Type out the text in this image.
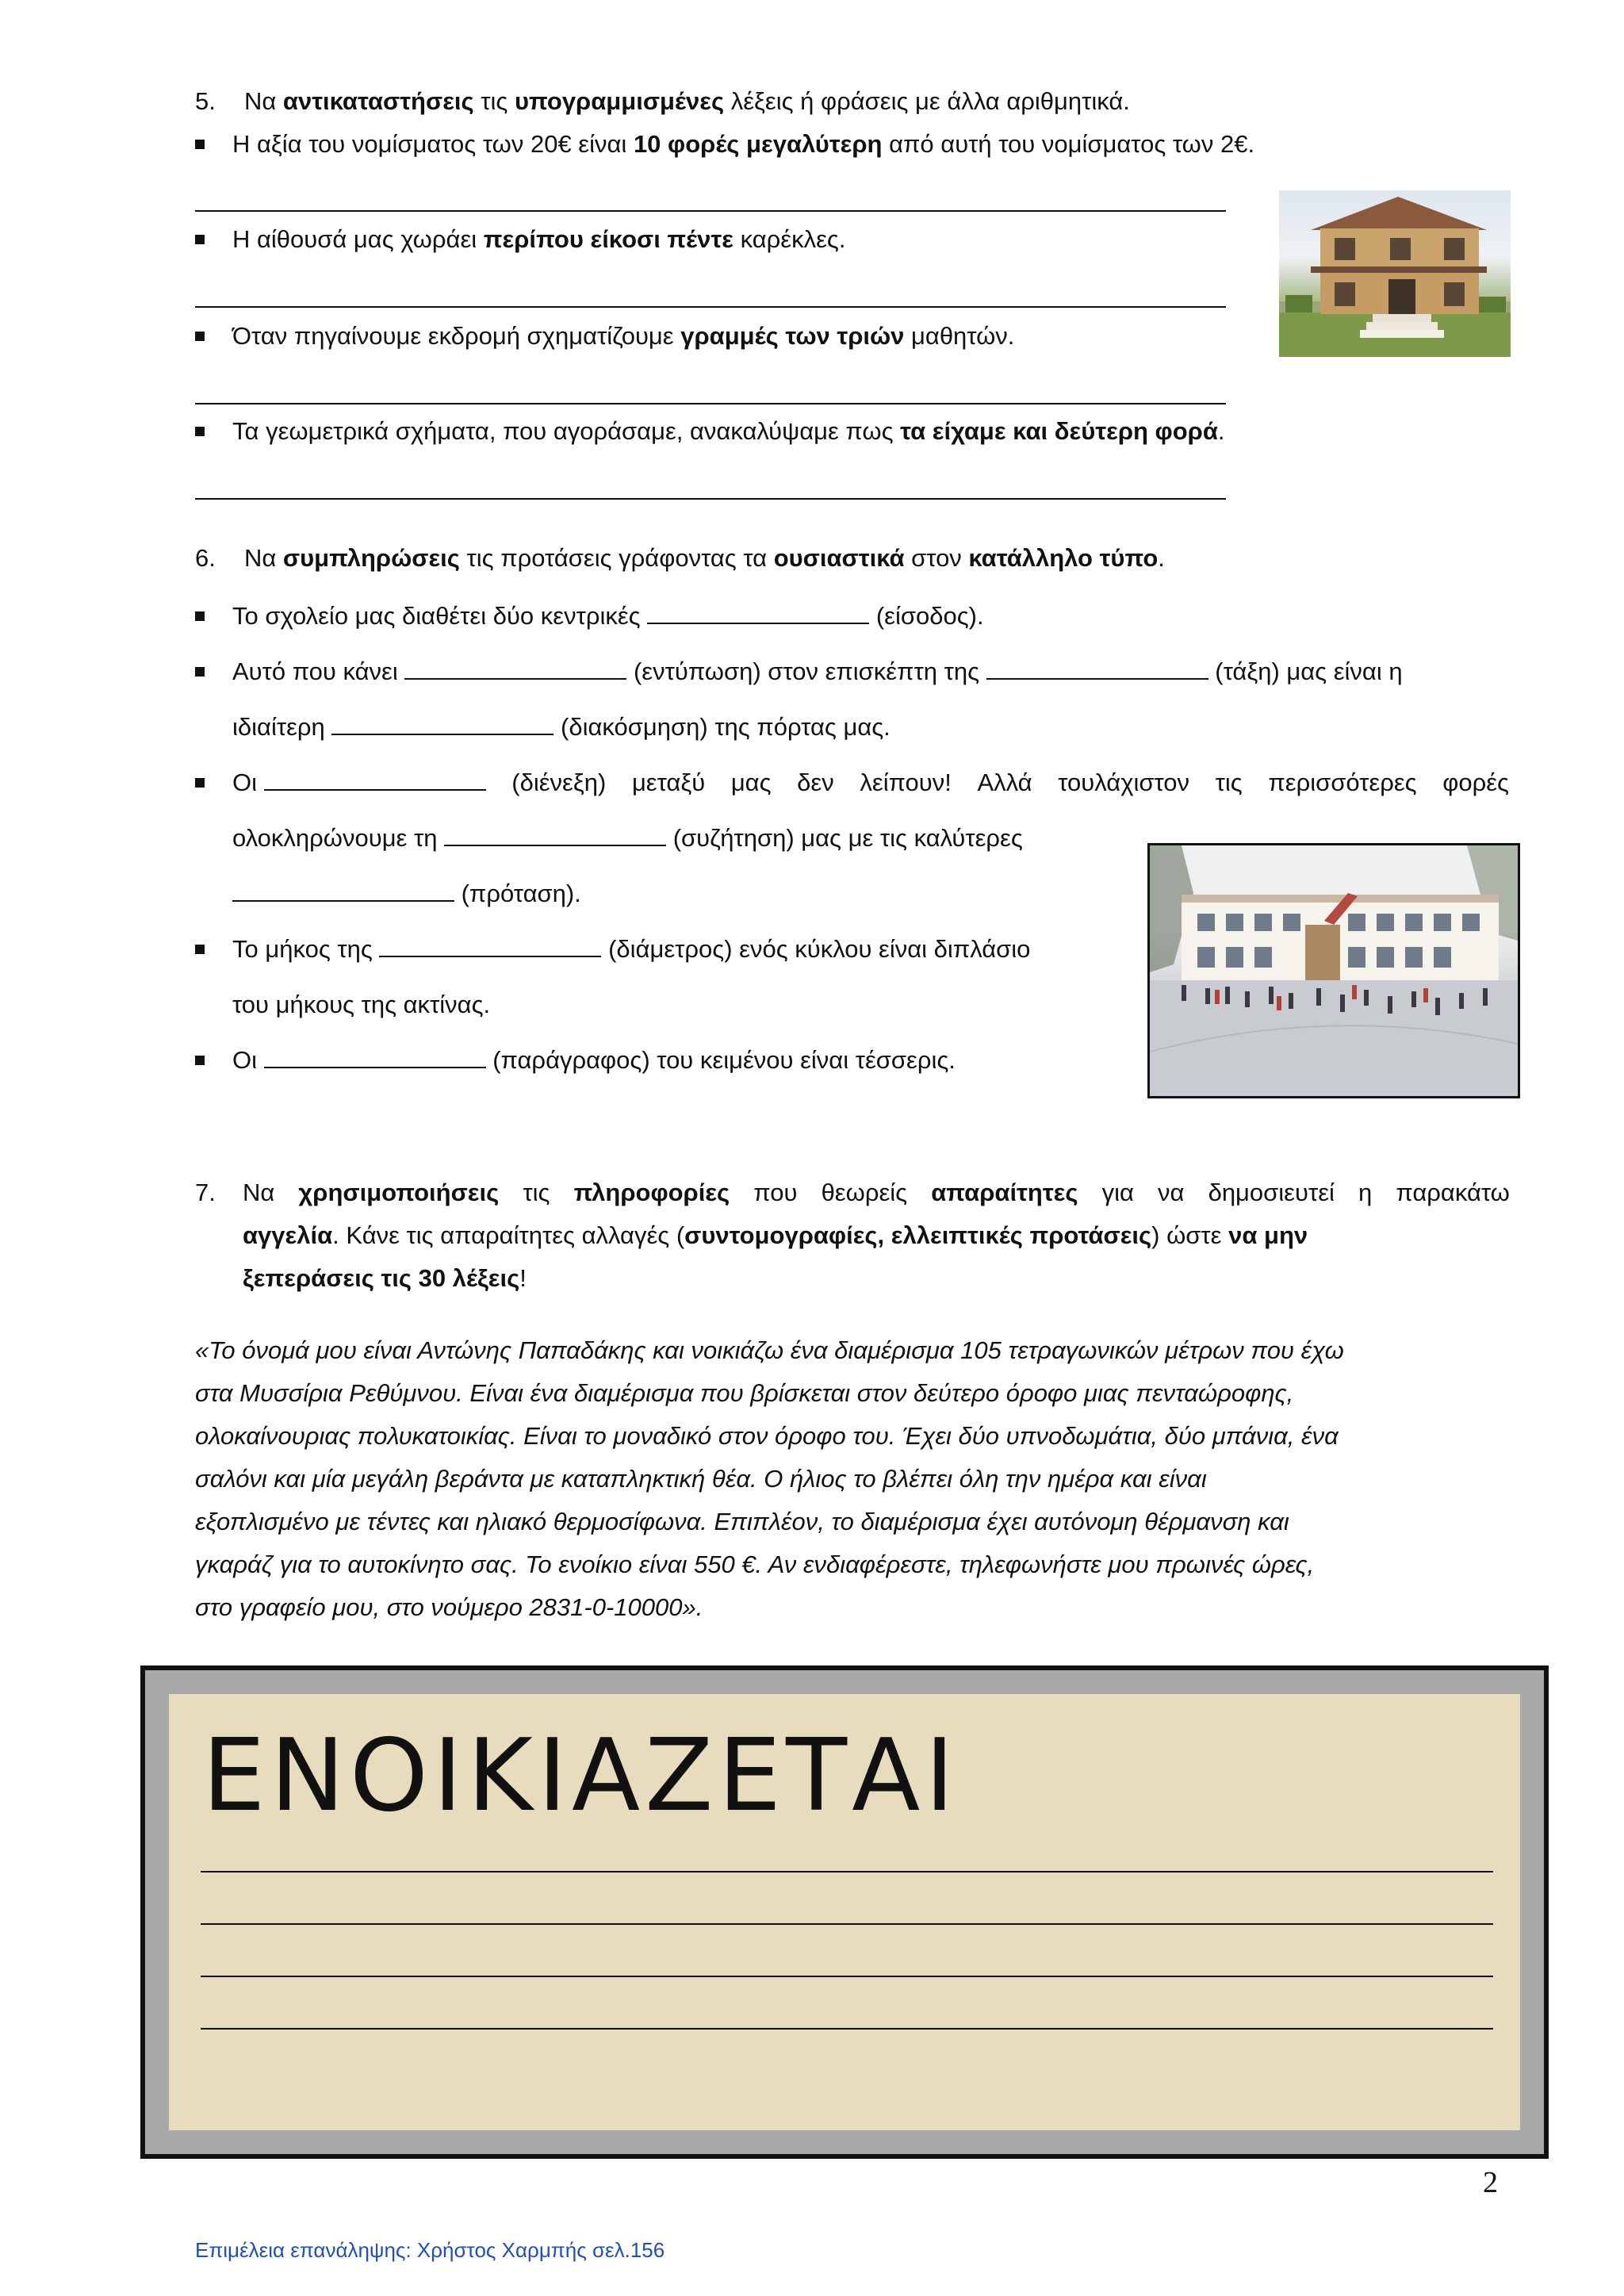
5. Να αντικαταστήσεις τις υπογραμμισμένες λέξεις ή φράσεις με άλλα αριθμητικά.
Η αξία του νομίσματος των 20€ είναι 10 φορές μεγαλύτερη από αυτή του νομίσματος των 2€.
Η αίθουσά μας χωράει περίπου είκοσι πέντε καρέκλες.
Όταν πηγαίνουμε εκδρομή σχηματίζουμε γραμμές των τριών μαθητών.
Τα γεωμετρικά σχήματα, που αγοράσαμε, ανακαλύψαμε πως τα είχαμε και δεύτερη φορά.
6. Να συμπληρώσεις τις προτάσεις γράφοντας τα ουσιαστικά στον κατάλληλο τύπο.
Το σχολείο μας διαθέτει δύο κεντρικές	(είσοδος).
Αυτό που κάνει	(εντύπωση) στον επισκέπτη της	(τάξη) μας είναι η
ιδιαίτερη	(διακόσμηση) της πόρτας μας.
Οι	(διένεξη) μεταξύ μας δεν λείπουν! Αλλά τουλάχιστον τις περισσότερες φορές
ολοκληρώνουμε τη	(συζήτηση) μας με τις καλύτερες
(πρόταση).
Το μήκος της	(διάμετρος) ενός κύκλου είναι διπλάσιο
του μήκους της ακτίνας.
Οι	(παράγραφος) του κειμένου είναι τέσσερις.
7.	Να χρησιμοποιήσεις τις πληροφορίες που θεωρείς απαραίτητες για να δημοσιευτεί η παρακάτω
αγγελία. Κάνε τις απαραίτητες αλλαγές (συντομογραφίες, ελλειπτικές προτάσεις) ώστε να μην
ξεπεράσεις τις 30 λέξεις!
«Το όνομά μου είναι Αντώνης Παπαδάκης και νοικιάζω ένα διαμέρισμα 105 τετραγωνικών μέτρων που έχω
στα Μυσσίρια Ρεθύμνου. Είναι ένα διαμέρισμα που βρίσκεται στον δεύτερο όροφο μιας πενταώροφης,
ολοκαίνουριας πολυκατοικίας. Είναι το μοναδικό στον όροφο του. Έχει δύο υπνοδωμάτια, δύο μπάνια, ένα
σαλόνι και μία μεγάλη βεράντα με καταπληκτική θέα. Ο ήλιος το βλέπει όλη την ημέρα και είναι
εξοπλισμένο με τέντες και ηλιακό θερμοσίφωνα. Επιπλέον, το διαμέρισμα έχει αυτόνομη θέρμανση και
γκαράζ για το αυτοκίνητο σας. Το ενοίκιο είναι 550 €. Αν ενδιαφέρεστε, τηλεφωνήστε μου πρωινές ώρες,
στο γραφείο μου, στο νούμερο 2831-0-10000».
ΕΝΟΙΚΙΑΖΕΤΑΙ
2
Επιμέλεια επανάληψης: Χρήστος Χαρμπής σελ.156
